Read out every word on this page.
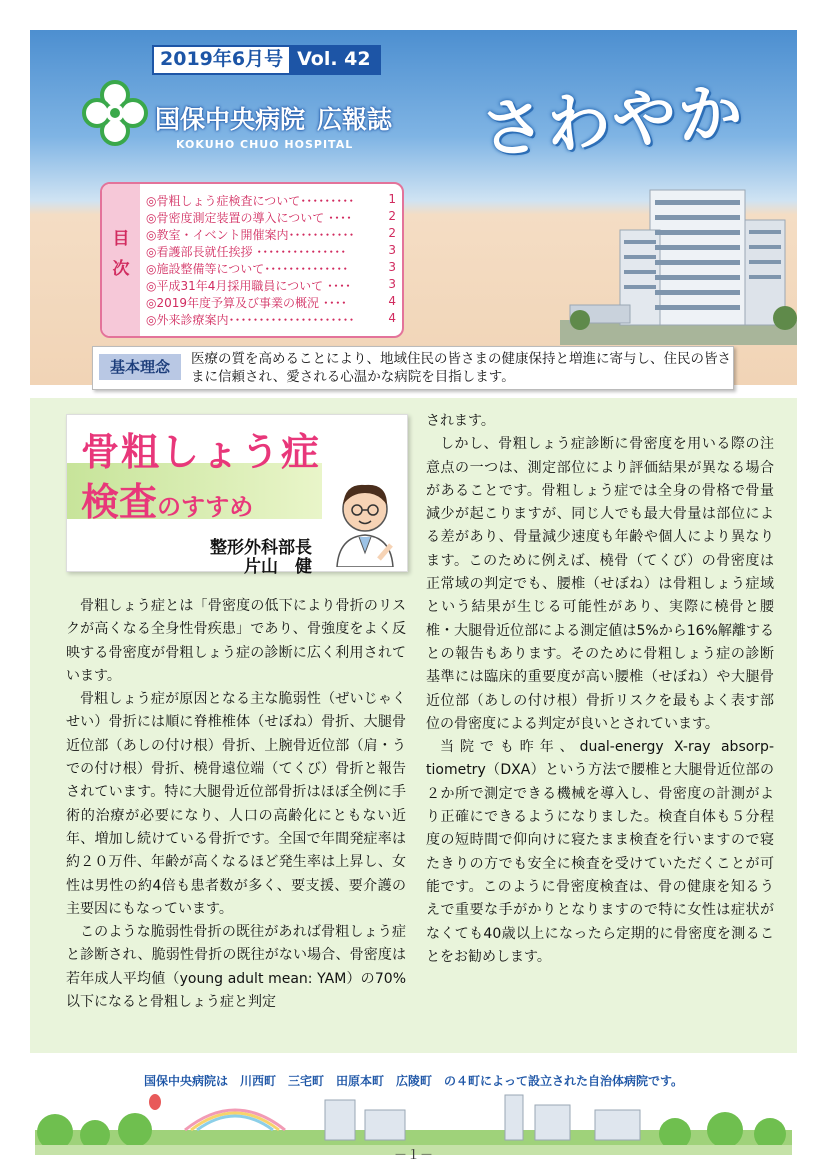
2019年6月号 Vol. 42
国保中央病院 広報誌
KOKUHO CHUO HOSPITAL さわやか
目次
◎骨粗しょう症検査について･････････	1
◎骨密度測定装置の導入について ････	2
◎教室・イベント開催案内･･･････････	2
◎看護部長就任挨拶 ･･･････････････	3
◎施設整備等について･･････････････	3
◎平成31年4月採用職員について ････	3
◎2019年度予算及び事業の概況 ････	4
◎外来診療案内･････････････････････	4
基本理念	医療の質を高めることにより、地域住民の皆さまの健康保持と増進に寄与し、住民の皆さまに信頼され、愛される心温かな病院を目指します。
骨粗しょう症
検査のすすめ
整形外科部長
片山　健

骨粗しょう症とは「骨密度の低下により骨折のリスクが高くなる全身性骨疾患」であり、骨強度をよく反映する骨密度が骨粗しょう症の診断に広く利用されています。

骨粗しょう症が原因となる主な脆弱性（ぜいじゃくせい）骨折には順に脊椎椎体（せぼね）骨折、大腿骨近位部（あしの付け根）骨折、上腕骨近位部（肩・うでの付け根）骨折、橈骨遠位端（てくび）骨折と報告されています。特に大腿骨近位部骨折はほぼ全例に手術的治療が必要になり、人口の高齢化にともない近年、増加し続けている骨折です。全国で年間発症率は約２０万件、年齢が高くなるほど発生率は上昇し、女性は男性の約4倍も患者数が多く、要支援、要介護の主要因にもなっています。

このような脆弱性骨折の既往があれば骨粗しょう症と診断され、脆弱性骨折の既往がない場合、骨密度は若年成人平均値（young adult mean: YAM）の70%以下になると骨粗しょう症と判定

されます。

しかし、骨粗しょう症診断に骨密度を用いる際の注意点の一つは、測定部位により評価結果が異なる場合があることです。骨粗しょう症では全身の骨格で骨量減少が起こりますが、同じ人でも最大骨量は部位による差があり、骨量減少速度も年齢や個人により異なります。このために例えば、橈骨（てくび）の骨密度は正常域の判定でも、腰椎（せぼね）は骨粗しょう症域という結果が生じる可能性があり、実際に橈骨と腰椎・大腿骨近位部による測定値は5%から16%解離するとの報告もあります。そのために骨粗しょう症の診断基準には臨床的重要度が高い腰椎（せぼね）や大腿骨近位部（あしの付け根）骨折リスクを最もよく表す部位の骨密度による判定が良いとされています。

当院でも昨年、dual-energy X-ray absorp-tiometry（DXA）という方法で腰椎と大腿骨近位部の２か所で測定できる機械を導入し、骨密度の計測がより正確にできるようになりました。検査自体も５分程度の短時間で仰向けに寝たまま検査を行いますので寝たきりの方でも安全に検査を受けていただくことが可能です。このように骨密度検査は、骨の健康を知るうえで重要な手がかりとなりますので特に女性は症状がなくても40歳以上になったら定期的に骨密度を測ることをお勧めします。

国保中央病院は　川西町　三宅町　田原本町　広陵町　の４町によって設立された自治体病院です。
－１－
